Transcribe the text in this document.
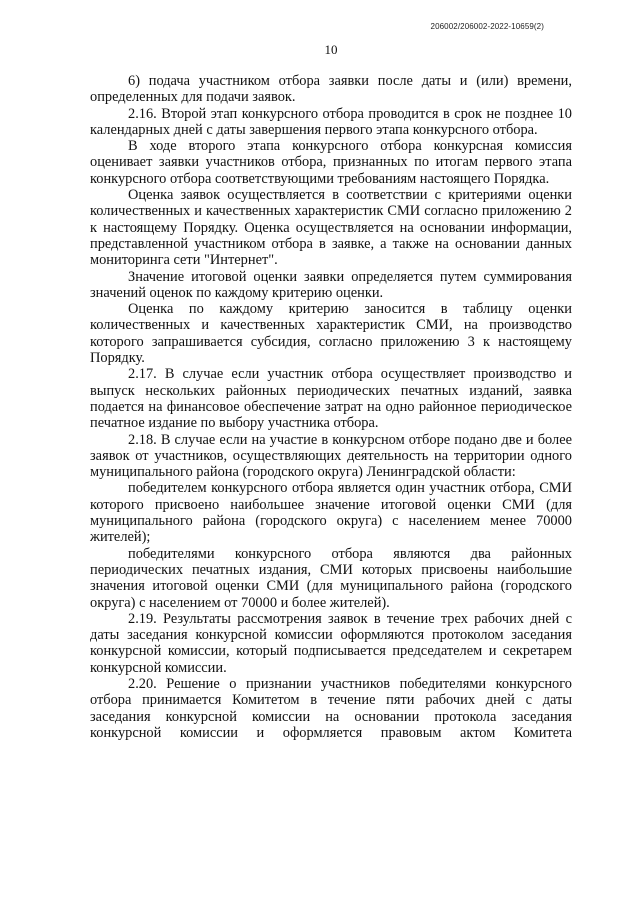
206002/206002-2022-10659(2)
10

6) подача участником отбора заявки после даты и (или) времени, определенных для подачи заявок.

2.16. Второй этап конкурсного отбора проводится в срок не позднее 10 календарных дней с даты завершения первого этапа конкурсного отбора.

В ходе второго этапа конкурсного отбора конкурсная комиссия оценивает заявки участников отбора, признанных по итогам первого этапа конкурсного отбора соответствующими требованиям настоящего Порядка.

Оценка заявок осуществляется в соответствии с критериями оценки количественных и качественных характеристик СМИ согласно приложению 2 к настоящему Порядку. Оценка осуществляется на основании информации, представленной участником отбора в заявке, а также на основании данных мониторинга сети "Интернет".

Значение итоговой оценки заявки определяется путем суммирования значений оценок по каждому критерию оценки.

Оценка по каждому критерию заносится в таблицу оценки количественных и качественных характеристик СМИ, на производство которого запрашивается субсидия, согласно приложению 3 к настоящему Порядку.

2.17. В случае если участник отбора осуществляет производство и выпуск нескольких районных периодических печатных изданий, заявка подается на финансовое обеспечение затрат на одно районное периодическое печатное издание по выбору участника отбора.

2.18. В случае если на участие в конкурсном отборе подано две и более заявок от участников, осуществляющих деятельность на территории одного муниципального района (городского округа) Ленинградской области:

победителем конкурсного отбора является один участник отбора, СМИ которого присвоено наибольшее значение итоговой оценки СМИ (для муниципального района (городского округа) с населением менее 70000 жителей);

победителями конкурсного отбора являются два районных периодических печатных издания, СМИ которых присвоены наибольшие значения итоговой оценки СМИ (для муниципального района (городского округа) с населением от 70000 и более жителей).

2.19. Результаты рассмотрения заявок в течение трех рабочих дней с даты заседания конкурсной комиссии оформляются протоколом заседания конкурсной комиссии, который подписывается председателем и секретарем конкурсной комиссии.

2.20. Решение о признании участников победителями конкурсного отбора принимается Комитетом в течение пяти рабочих дней с даты заседания конкурсной комиссии на основании протокола заседания конкурсной комиссии и оформляется правовым актом Комитета
